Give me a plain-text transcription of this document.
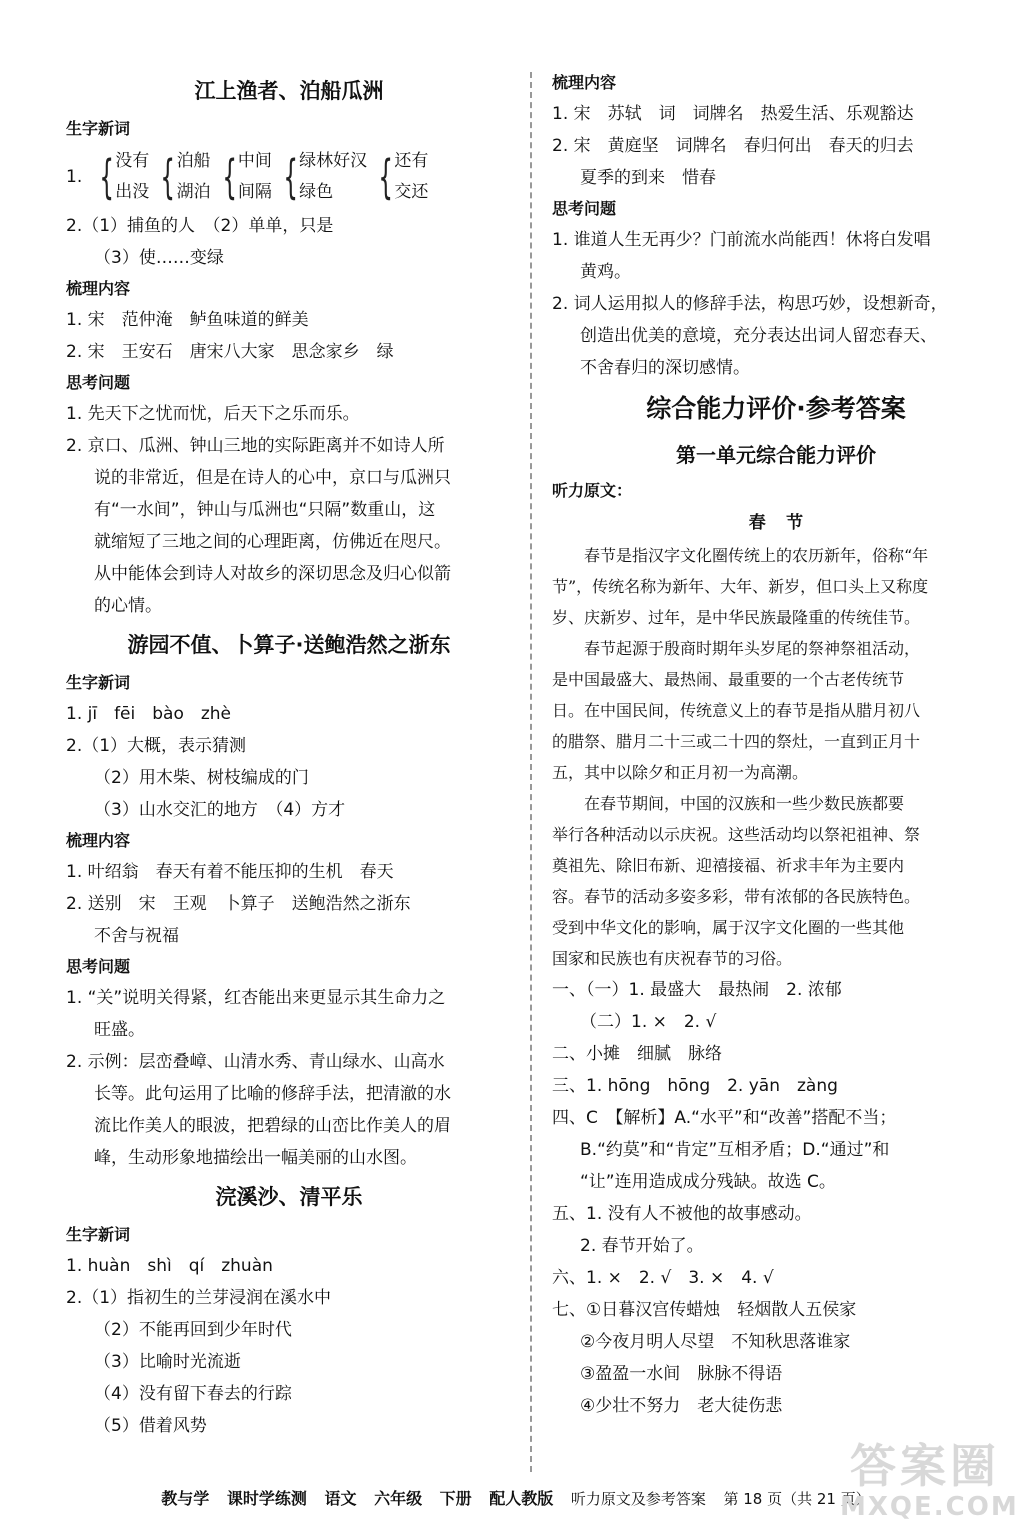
江上渔者、泊船瓜洲
生字新词
1. { 没有
出没 { 泊船
湖泊 { 中间
间隔 { 绿林好汉
绿色 { 还有
交还
2.（1）捕鱼的人　（2）单单，只是
（3）使……变绿
梳理内容
1. 宋　范仲淹　鲈鱼味道的鲜美
2. 宋　王安石　唐宋八大家　思念家乡　绿
思考问题
1. 先天下之忧而忧，后天下之乐而乐。
2. 京口、瓜洲、钟山三地的实际距离并不如诗人所
说的非常近，但是在诗人的心中，京口与瓜洲只
有“一水间”，钟山与瓜洲也“只隔”数重山，这
就缩短了三地之间的心理距离，仿佛近在咫尺。
从中能体会到诗人对故乡的深切思念及归心似箭
的心情。
游园不值、卜算子·送鲍浩然之浙东
生字新词
1. jī　fēi　bào　zhè
2.（1）大概，表示猜测
（2）用木柴、树枝编成的门
（3）山水交汇的地方　（4）方才
梳理内容
1. 叶绍翁　春天有着不能压抑的生机　春天
2. 送别　宋　王观　卜算子　送鲍浩然之浙东
不舍与祝福
思考问题
1. “关”说明关得紧，红杏能出来更显示其生命力之
旺盛。
2. 示例：层峦叠嶂、山清水秀、青山绿水、山高水
长等。此句运用了比喻的修辞手法，把清澈的水
流比作美人的眼波，把碧绿的山峦比作美人的眉
峰，生动形象地描绘出一幅美丽的山水图。
浣溪沙、清平乐
生字新词
1. huàn　shì　qí　zhuàn
2.（1）指初生的兰芽浸润在溪水中
（2）不能再回到少年时代
（3）比喻时光流逝
（4）没有留下春去的行踪
（5）借着风势
梳理内容
1. 宋　苏轼　词　词牌名　热爱生活、乐观豁达
2. 宋　黄庭坚　词牌名　春归何出　春天的归去
夏季的到来　惜春
思考问题
1. 谁道人生无再少？门前流水尚能西！休将白发唱
黄鸡。
2. 词人运用拟人的修辞手法，构思巧妙，设想新奇，
创造出优美的意境，充分表达出词人留恋春天、
不舍春归的深切感情。
综合能力评价·参考答案
第一单元综合能力评价
听力原文：
春节
春节是指汉字文化圈传统上的农历新年，俗称“年
节”，传统名称为新年、大年、新岁，但口头上又称度
岁、庆新岁、过年，是中华民族最隆重的传统佳节。
春节起源于殷商时期年头岁尾的祭神祭祖活动，
是中国最盛大、最热闹、最重要的一个古老传统节
日。在中国民间，传统意义上的春节是指从腊月初八
的腊祭、腊月二十三或二十四的祭灶，一直到正月十
五，其中以除夕和正月初一为高潮。
在春节期间，中国的汉族和一些少数民族都要
举行各种活动以示庆祝。这些活动均以祭祀祖神、祭
奠祖先、除旧布新、迎禧接福、祈求丰年为主要内
容。春节的活动多姿多彩，带有浓郁的各民族特色。
受到中华文化的影响，属于汉字文化圈的一些其他
国家和民族也有庆祝春节的习俗。
一、（一）1. 最盛大　最热闹　2. 浓郁
（二）1. ×　2. √
二、小摊　细腻　脉络
三、1. hōng　hōng　2. yān　zàng
四、C　【解析】A.“水平”和“改善”搭配不当；
B.“约莫”和“肯定”互相矛盾；D.“通过”和
“让”连用造成成分残缺。故选 C。
五、1. 没有人不被他的故事感动。
2. 春节开始了。
六、1. ×　2. √　3. ×　4. √
七、①日暮汉宫传蜡烛　轻烟散人五侯家
②今夜月明人尽望　不知秋思落谁家
③盈盈一水间　脉脉不得语
④少壮不努力　老大徒伤悲
教与学 课时学练测 语文 六年级 下册 配人教版 听力原文及参考答案 第 18 页（共 21 页）
答案圈
MXQE.COM
